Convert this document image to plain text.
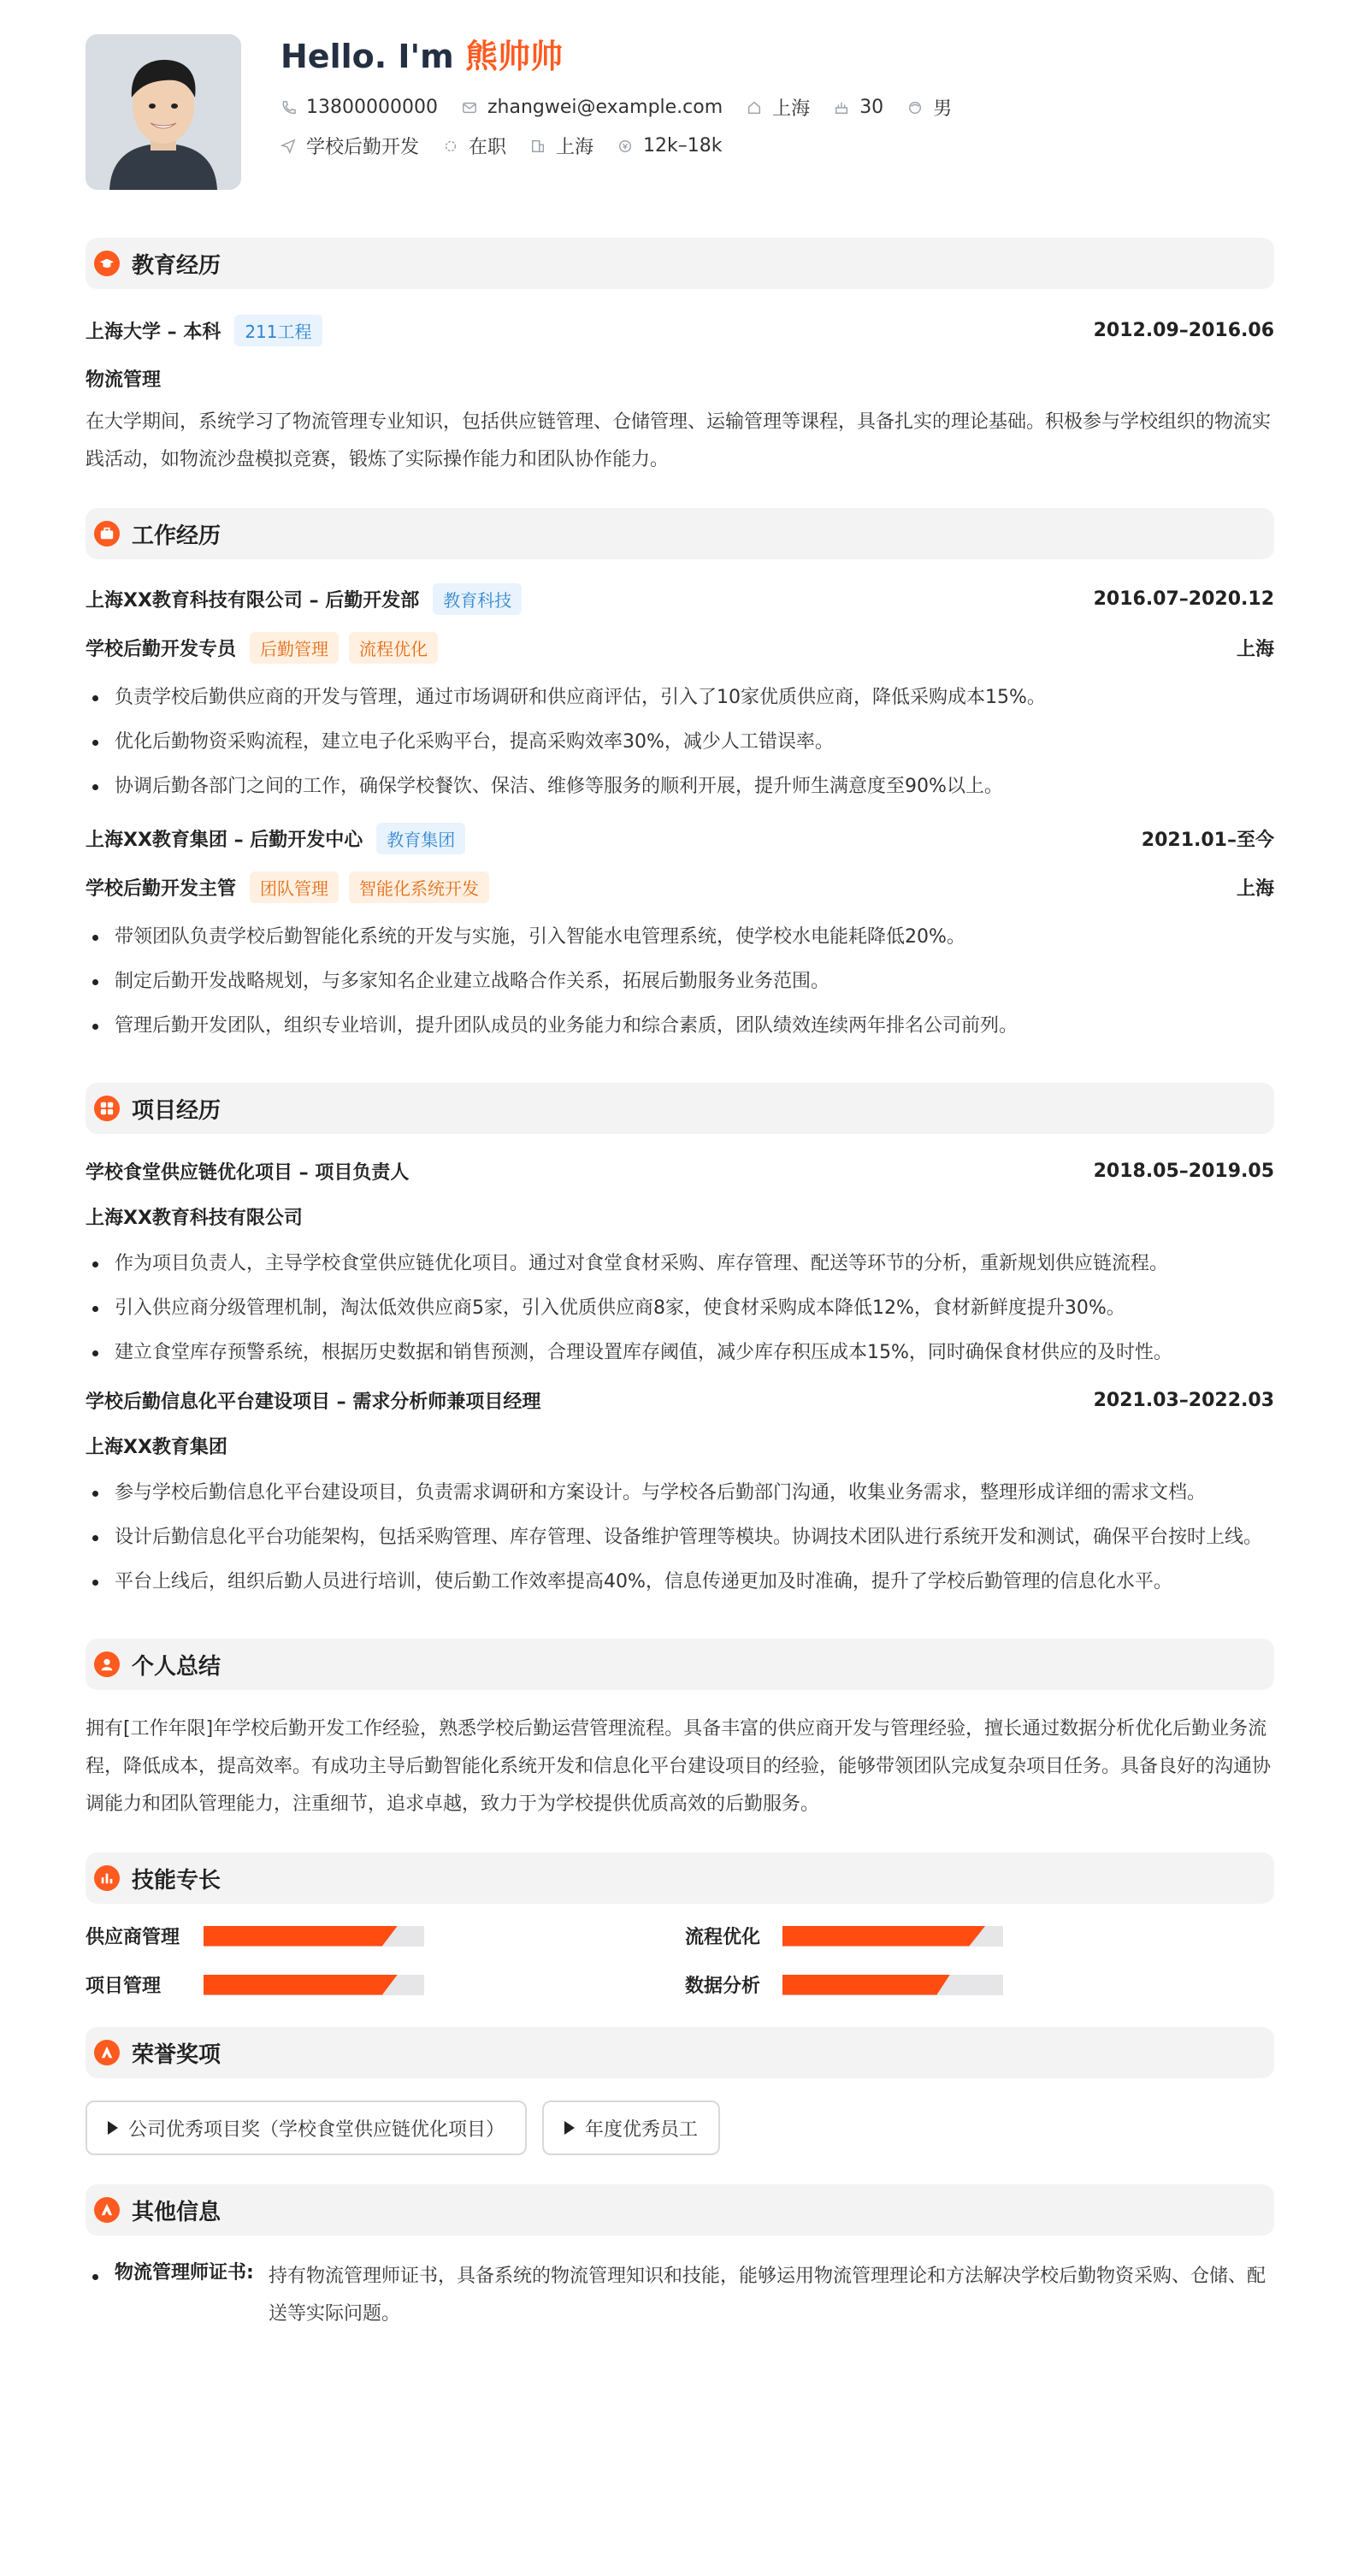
Hello. I'm 熊帅帅
13800000000	zhangwei@example.com	上海	30	男
学校后勤开发	在职	上海	12k–18k
教育经历
上海大学 – 本科	211工程	2012.09–2016.06
物流管理
在大学期间，系统学习了物流管理专业知识，包括供应链管理、仓储管理、运输管理等课程，具备扎实的理论基础。积极参与学校组织的物流实践活动，如物流沙盘模拟竞赛，锻炼了实际操作能力和团队协作能力。
工作经历
上海XX教育科技有限公司 – 后勤开发部	教育科技	2016.07–2020.12
学校后勤开发专员	后勤管理	流程优化	上海
负责学校后勤供应商的开发与管理，通过市场调研和供应商评估，引入了10家优质供应商，降低采购成本15%。
优化后勤物资采购流程，建立电子化采购平台，提高采购效率30%，减少人工错误率。
协调后勤各部门之间的工作，确保学校餐饮、保洁、维修等服务的顺利开展，提升师生满意度至90%以上。
上海XX教育集团 – 后勤开发中心	教育集团	2021.01–至今
学校后勤开发主管	团队管理	智能化系统开发	上海
带领团队负责学校后勤智能化系统的开发与实施，引入智能水电管理系统，使学校水电能耗降低20%。
制定后勤开发战略规划，与多家知名企业建立战略合作关系，拓展后勤服务业务范围。
管理后勤开发团队，组织专业培训，提升团队成员的业务能力和综合素质，团队绩效连续两年排名公司前列。
项目经历
学校食堂供应链优化项目 – 项目负责人	2018.05–2019.05
上海XX教育科技有限公司
作为项目负责人，主导学校食堂供应链优化项目。通过对食堂食材采购、库存管理、配送等环节的分析，重新规划供应链流程。
引入供应商分级管理机制，淘汰低效供应商5家，引入优质供应商8家，使食材采购成本降低12%，食材新鲜度提升30%。
建立食堂库存预警系统，根据历史数据和销售预测，合理设置库存阈值，减少库存积压成本15%，同时确保食材供应的及时性。
学校后勤信息化平台建设项目 – 需求分析师兼项目经理	2021.03–2022.03
上海XX教育集团
参与学校后勤信息化平台建设项目，负责需求调研和方案设计。与学校各后勤部门沟通，收集业务需求，整理形成详细的需求文档。
设计后勤信息化平台功能架构，包括采购管理、库存管理、设备维护管理等模块。协调技术团队进行系统开发和测试，确保平台按时上线。
平台上线后，组织后勤人员进行培训，使后勤工作效率提高40%，信息传递更加及时准确，提升了学校后勤管理的信息化水平。
个人总结
拥有[工作年限]年学校后勤开发工作经验，熟悉学校后勤运营管理流程。具备丰富的供应商开发与管理经验，擅长通过数据分析优化后勤业务流程，降低成本，提高效率。有成功主导后勤智能化系统开发和信息化平台建设项目的经验，能够带领团队完成复杂项目任务。具备良好的沟通协调能力和团队管理能力，注重细节，追求卓越，致力于为学校提供优质高效的后勤服务。
技能专长
供应商管理	流程优化
项目管理	数据分析
荣誉奖项
公司优秀项目奖（学校食堂供应链优化项目）	年度优秀员工
其他信息
物流管理师证书: 持有物流管理师证书，具备系统的物流管理知识和技能，能够运用物流管理理论和方法解决学校后勤物资采购、仓储、配送等实际问题。
